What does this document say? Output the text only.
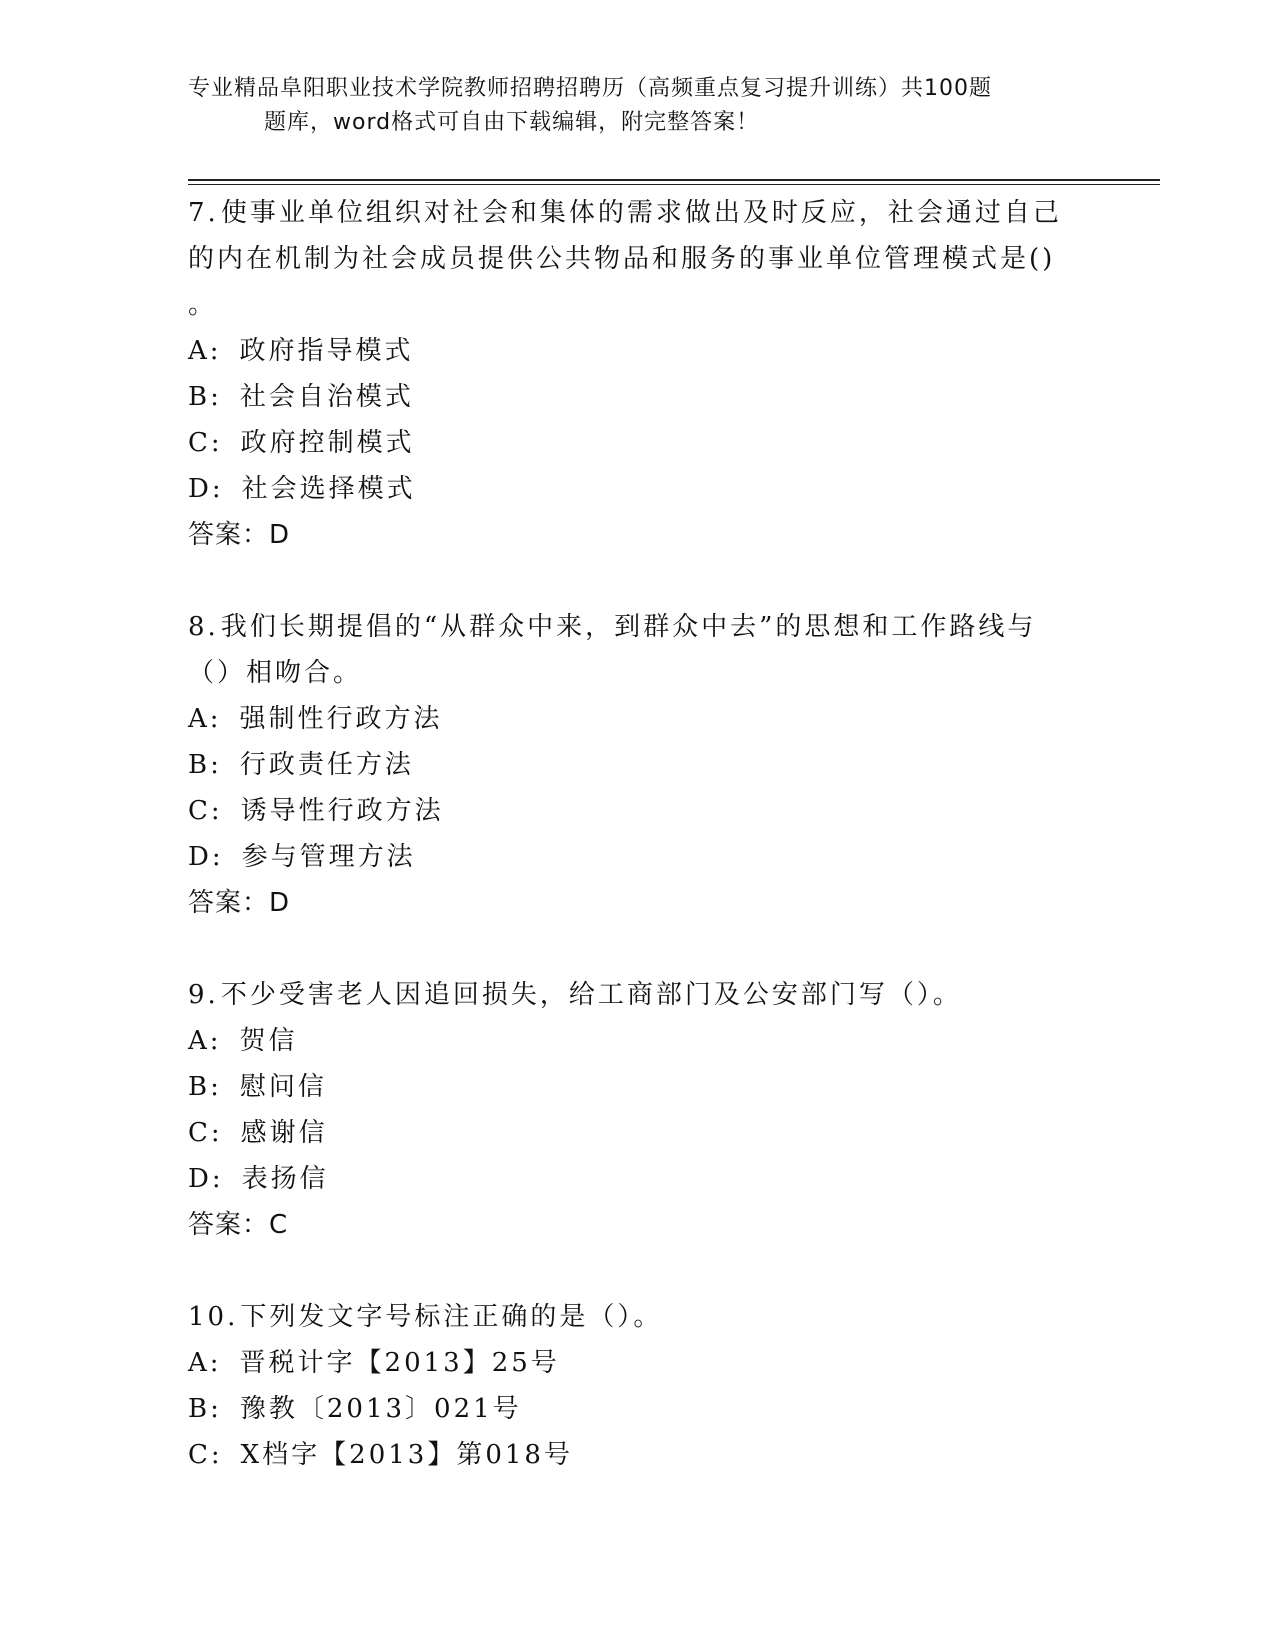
专业精品阜阳职业技术学院教师招聘招聘历（高频重点复习提升训练）共100题
题库，word格式可自由下载编辑，附完整答案！
7.使事业单位组织对社会和集体的需求做出及时反应，社会通过自己
的内在机制为社会成员提供公共物品和服务的事业单位管理模式是()
。
A: 政府指导模式
B: 社会自治模式
C: 政府控制模式
D: 社会选择模式
答案：D
8.我们长期提倡的“从群众中来，到群众中去”的思想和工作路线与
（）相吻合。
A: 强制性行政方法
B: 行政责任方法
C: 诱导性行政方法
D: 参与管理方法
答案：D
9.不少受害老人因追回损失，给工商部门及公安部门写（）。
A: 贺信
B: 慰问信
C: 感谢信
D: 表扬信
答案：C
10.下列发文字号标注正确的是（）。
A: 晋税计字【2013】25号
B: 豫教〔2013〕021号
C: X档字【2013】第018号
